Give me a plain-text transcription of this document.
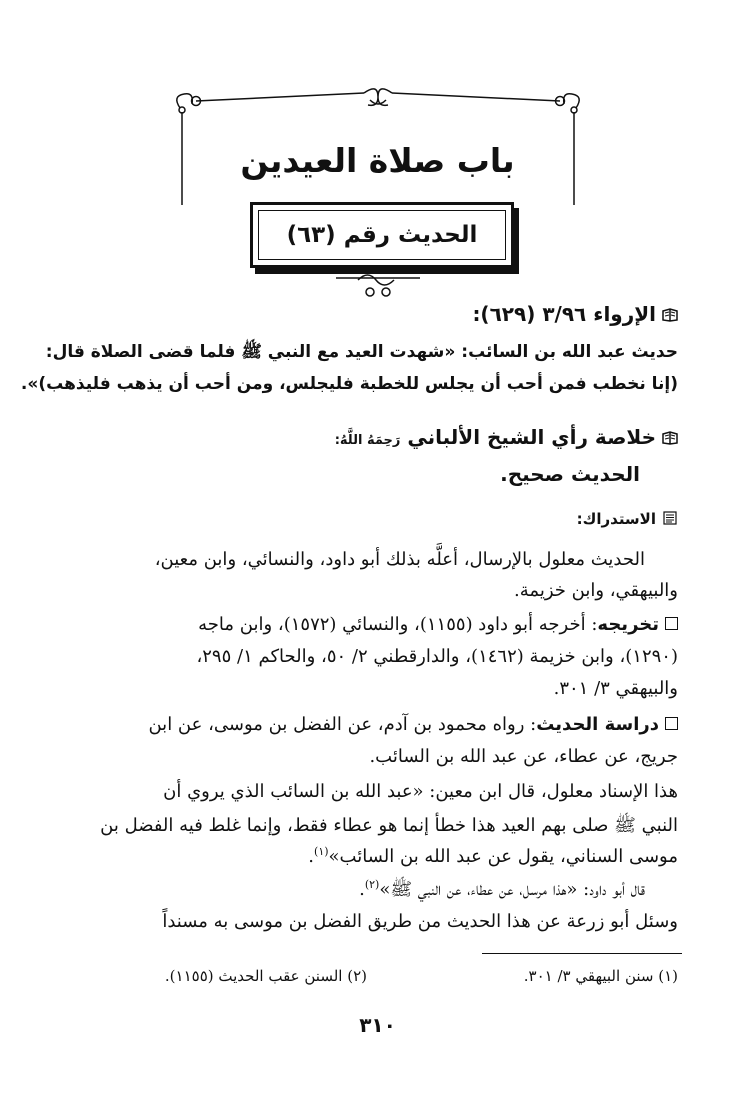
باب صلاة العيدين
الحديث رقم (٦٣)
الإرواء ٣/٩٦ (٦٢٩):
حديث عبد الله بن السائب: «شهدت العيد مع النبي ﷺ فلما قضى الصلاة قال:
(إنا نخطب فمن أحب أن يجلس للخطبة فليجلس، ومن أحب أن يذهب فليذهب)».
خلاصة رأي الشيخ الألباني رَحِمَهُ اللَّهُ:
الحديث صحيح.
الاستدراك:
الحديث معلول بالإرسال، أعلَّه بذلك أبو داود، والنسائي، وابن معين،
والبيهقي، وابن خزيمة.
تخريجه: أخرجه أبو داود (١١٥٥)، والنسائي (١٥٧٢)، وابن ماجه
(١٢٩٠)، وابن خزيمة (١٤٦٢)، والدارقطني ٢/ ٥٠، والحاكم ١/ ٢٩٥،
والبيهقي ٣/ ٣٠١.
دراسة الحديث: رواه محمود بن آدم، عن الفضل بن موسى، عن ابن
جريج، عن عطاء، عن عبد الله بن السائب.
هذا الإسناد معلول، قال ابن معين: «عبد الله بن السائب الذي يروي أن
النبي ﷺ صلى بهم العيد هذا خطأ إنما هو عطاء فقط، وإنما غلط فيه الفضل بن
موسى السناني، يقول عن عبد الله بن السائب»$^{(١)}$.
قال أبو داود: «هذا مرسل، عن عطاء، عن النبي ﷺ»$^{(٢)}$.
وسئل أبو زرعة عن هذا الحديث من طريق الفضل بن موسى به مسنداً
(١) سنن البيهقي ٣/ ٣٠١.
(٢) السنن عقب الحديث (١١٥٥).
٣١٠
